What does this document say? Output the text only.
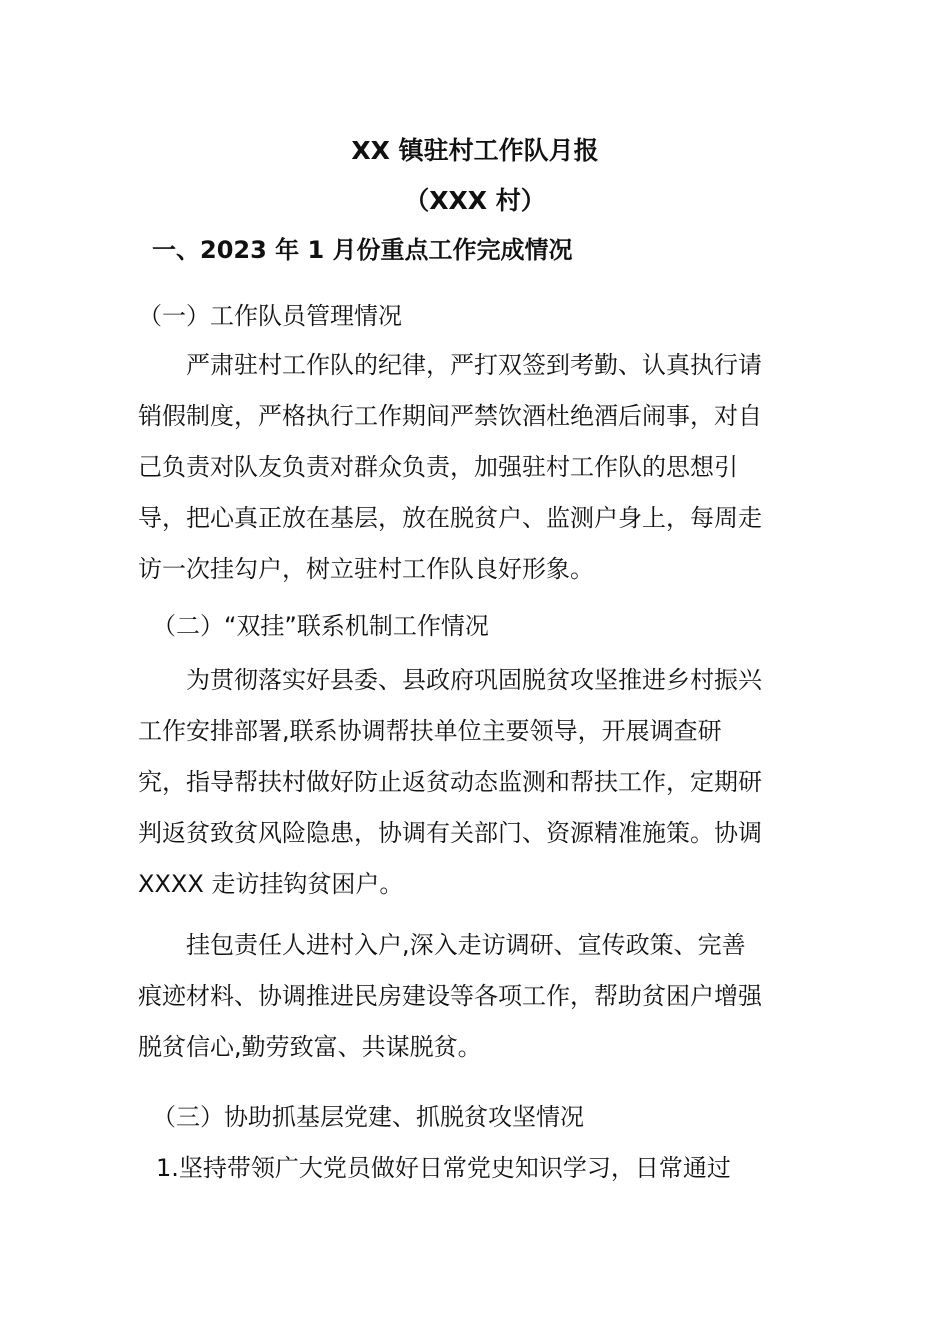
XX 镇驻村工作队月报
（XXX 村）
一、2023 年 1 月份重点工作完成情况
（一）工作队员管理情况
严肃驻村工作队的纪律，严打双签到考勤、认真执行请
销假制度，严格执行工作期间严禁饮酒杜绝酒后闹事，对自
己负责对队友负责对群众负责，加强驻村工作队的思想引
导，把心真正放在基层，放在脱贫户、监测户身上，每周走
访一次挂勾户，树立驻村工作队良好形象。
（二）“双挂”联系机制工作情况
为贯彻落实好县委、县政府巩固脱贫攻坚推进乡村振兴
工作安排部署,联系协调帮扶单位主要领导，开展调查研
究，指导帮扶村做好防止返贫动态监测和帮扶工作，定期研
判返贫致贫风险隐患，协调有关部门、资源精准施策。协调
XXXX 走访挂钩贫困户。
挂包责任人进村入户,深入走访调研、宣传政策、完善
痕迹材料、协调推进民房建设等各项工作，帮助贫困户增强
脱贫信心,勤劳致富、共谋脱贫。
（三）协助抓基层党建、抓脱贫攻坚情况
1.坚持带领广大党员做好日常党史知识学习，日常通过
